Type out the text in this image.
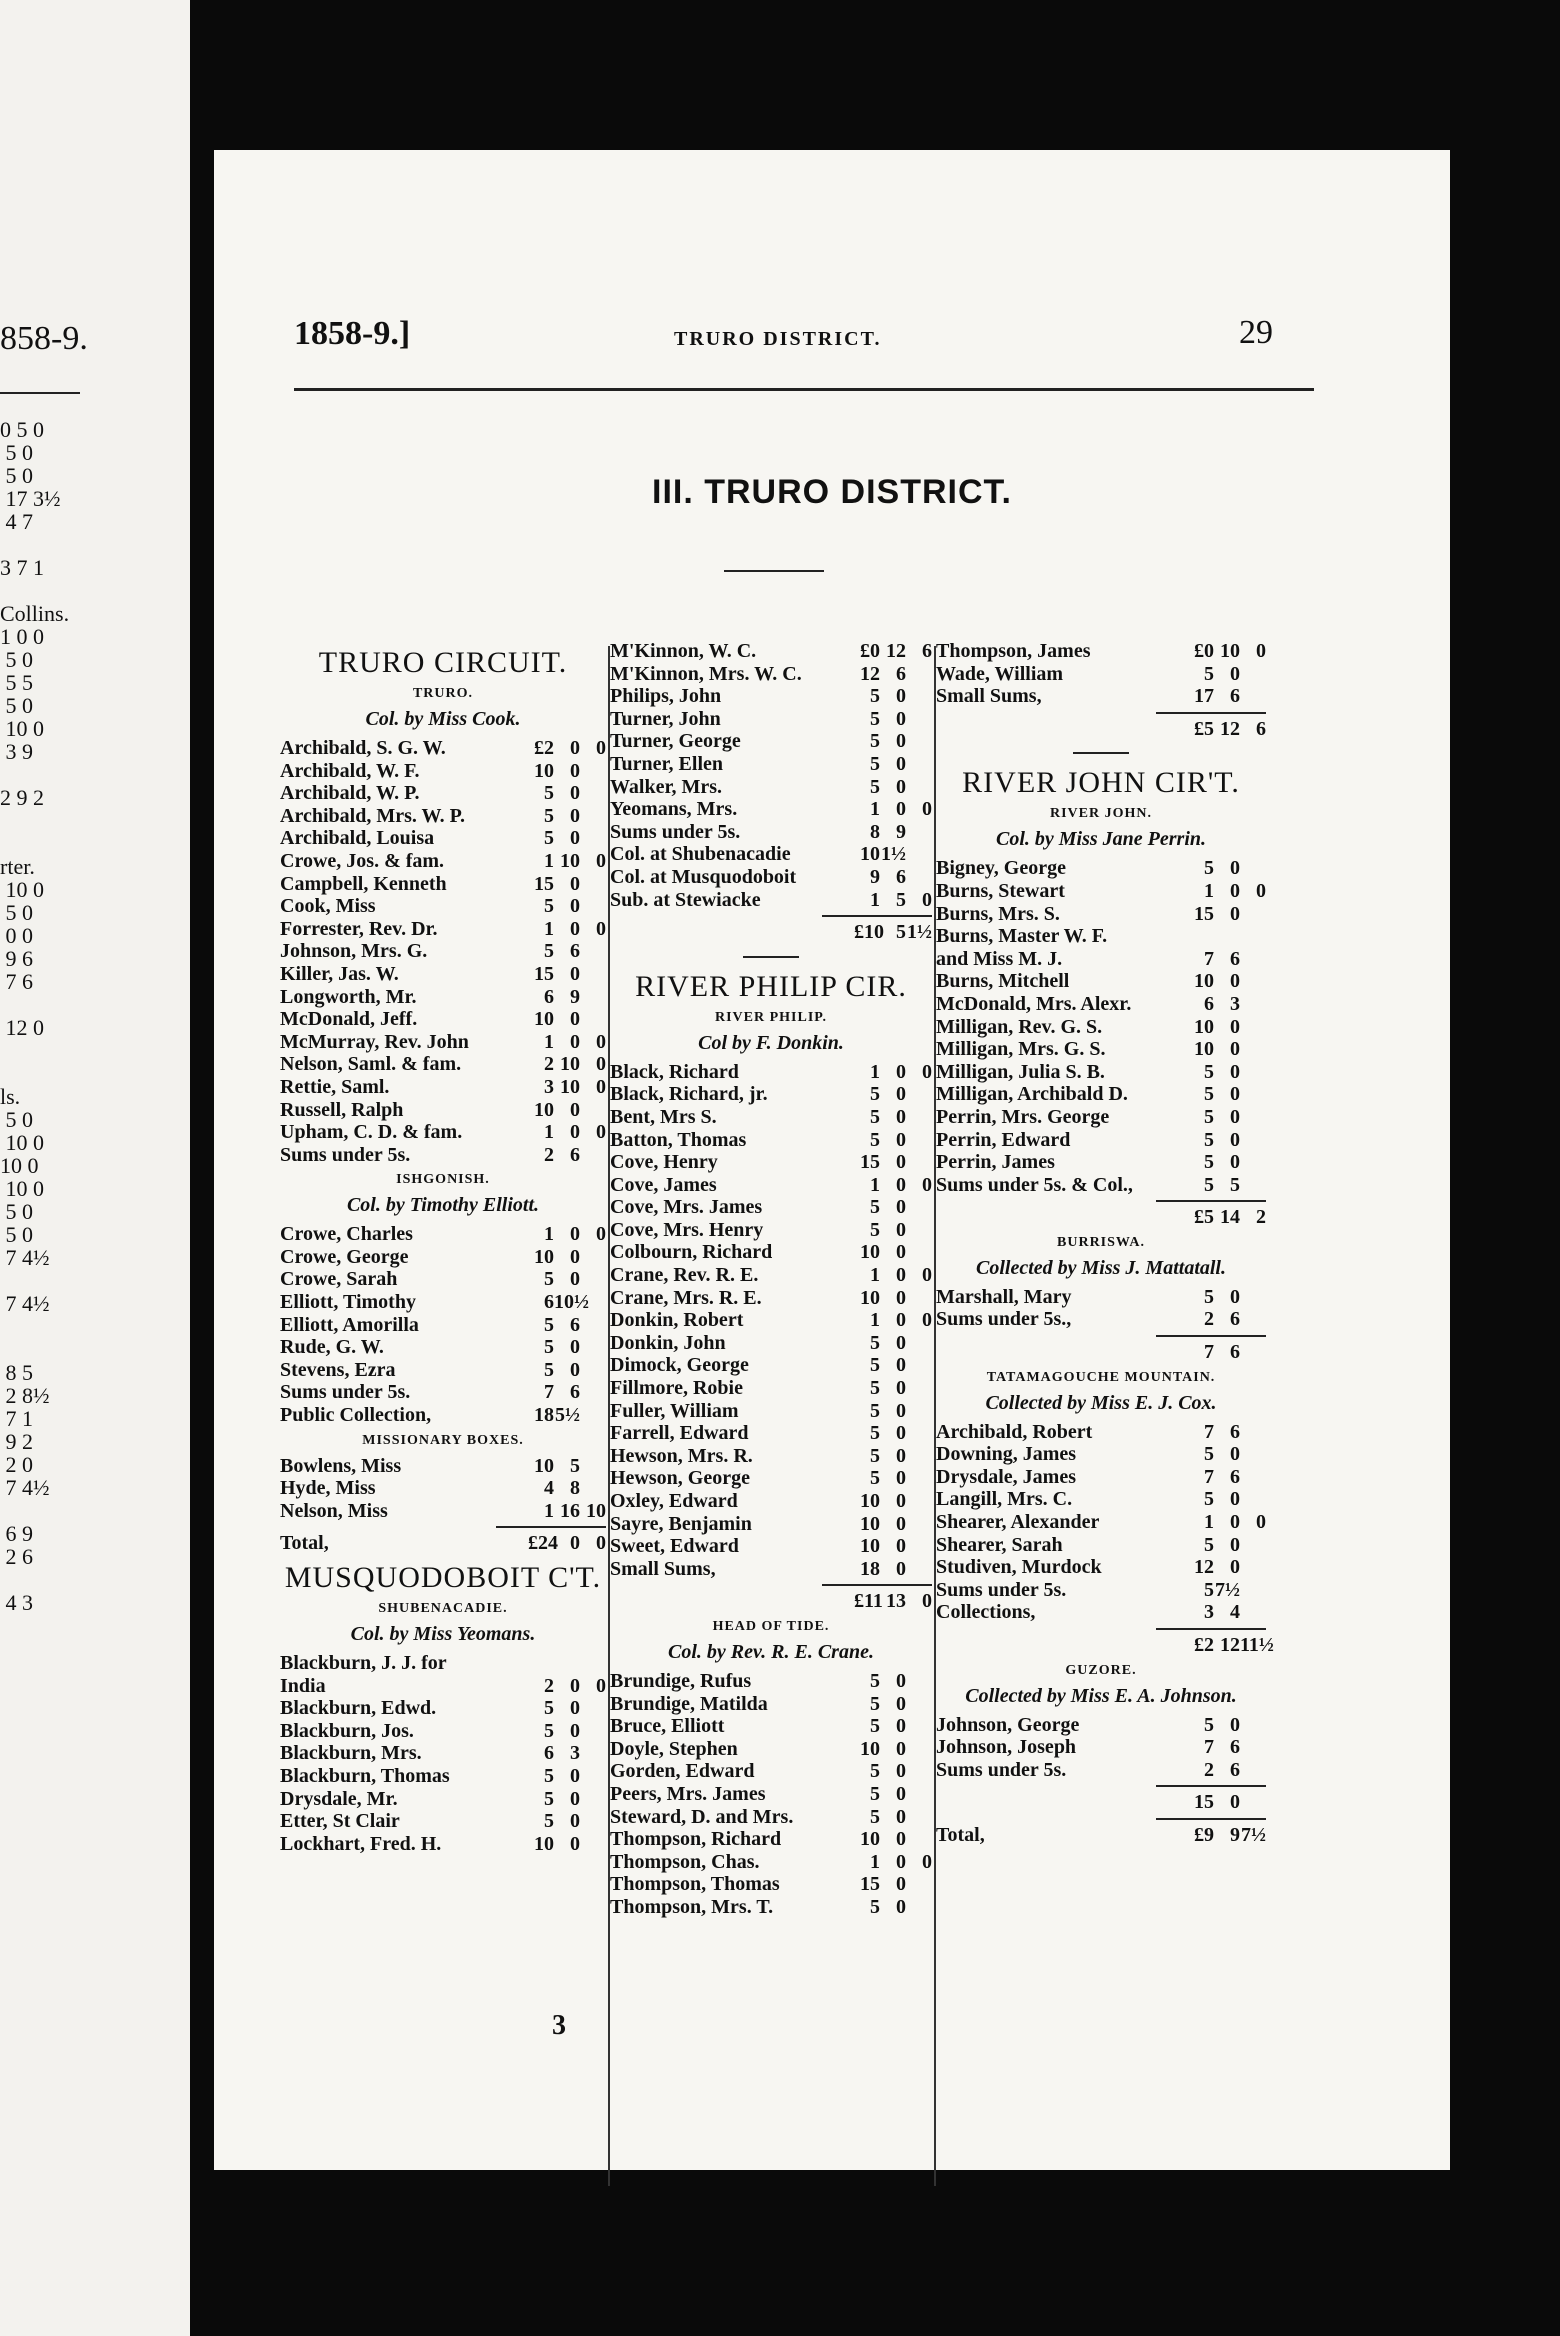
858-9.
0 5 0
5 0
5 0
17 3½
4 7
3 7 1
Collins.
1 0 0
5 0
5 5
5 0
10 0
3 9
2 9 2
rter.
10 0
5 0
0 0
9 6
7 6
12 0
ls.
5 0
10 0
10 0
10 0
5 0
5 0
7 4½
7 4½
8 5
2 8½
7 1
9 2
2 0
7 4½
6 9
2 6
4 3
1858-9.]	TRURO DISTRICT.	29
III. TRURO DISTRICT.
TRURO CIRCUIT.
TRURO.
Col. by Miss Cook.
Archibald, S. G. W.	£2 0 0
Archibald, W. F.	10 0
Archibald, W. P.	5 0
Archibald, Mrs. W. P.	5 0
Archibald, Louisa	5 0
Crowe, Jos. & fam.	1 10 0
Campbell, Kenneth	15 0
Cook, Miss	5 0
Forrester, Rev. Dr.	1 0 0
Johnson, Mrs. G.	5 6
Killer, Jas. W.	15 0
Longworth, Mr.	6 9
McDonald, Jeff.	10 0
McMurray, Rev. John	1 0 0
Nelson, Saml. & fam.	2 10 0
Rettie, Saml.	3 10 0
Russell, Ralph	10 0
Upham, C. D. & fam.	1 0 0
Sums under 5s.	2 6
ISHGONISH.
Col. by Timothy Elliott.
Crowe, Charles	1 0 0
Crowe, George	10 0
Crowe, Sarah	5 0
Elliott, Timothy	6 10½
Elliott, Amorilla	5 6
Rude, G. W.	5 0
Stevens, Ezra	5 0
Sums under 5s.	7 6
Public Collection,	18 5½
MISSIONARY BOXES.
Bowlens, Miss	10 5
Hyde, Miss	4 8
Nelson, Miss	1 16 10
Total,	£24 0 0
MUSQUODOBOIT C'T.
SHUBENACADIE.
Col. by Miss Yeomans.
Blackburn, J. J. for
India	2 0 0
Blackburn, Edwd.	5 0
Blackburn, Jos.	5 0
Blackburn, Mrs.	6 3
Blackburn, Thomas	5 0
Drysdale, Mr.	5 0
Etter, St Clair	5 0
Lockhart, Fred. H.	10 0
M'Kinnon, W. C.	£0 12 6
M'Kinnon, Mrs. W. C.	12 6
Philips, John	5 0
Turner, John	5 0
Turner, George	5 0
Turner, Ellen	5 0
Walker, Mrs.	5 0
Yeomans, Mrs.	1 0 0
Sums under 5s.	8 9
Col. at Shubenacadie	10 1½
Col. at Musquodoboit	9 6
Sub. at Stewiacke	1 5 0
£10 5 1½
RIVER PHILIP CIR.
RIVER PHILIP.
Col by F. Donkin.
Black, Richard	1 0 0
Black, Richard, jr.	5 0
Bent, Mrs S.	5 0
Batton, Thomas	5 0
Cove, Henry	15 0
Cove, James	1 0 0
Cove, Mrs. James	5 0
Cove, Mrs. Henry	5 0
Colbourn, Richard	10 0
Crane, Rev. R. E.	1 0 0
Crane, Mrs. R. E.	10 0
Donkin, Robert	1 0 0
Donkin, John	5 0
Dimock, George	5 0
Fillmore, Robie	5 0
Fuller, William	5 0
Farrell, Edward	5 0
Hewson, Mrs. R.	5 0
Hewson, George	5 0
Oxley, Edward	10 0
Sayre, Benjamin	10 0
Sweet, Edward	10 0
Small Sums,	18 0
£11 13 0
HEAD OF TIDE.
Col. by Rev. R. E. Crane.
Brundige, Rufus	5 0
Brundige, Matilda	5 0
Bruce, Elliott	5 0
Doyle, Stephen	10 0
Gorden, Edward	5 0
Peers, Mrs. James	5 0
Steward, D. and Mrs.	5 0
Thompson, Richard	10 0
Thompson, Chas.	1 0 0
Thompson, Thomas	15 0
Thompson, Mrs. T.	5 0
Thompson, James	£0 10 0
Wade, William	5 0
Small Sums,	17 6
£5 12 6
RIVER JOHN CIR'T.
RIVER JOHN.
Col. by Miss Jane Perrin.
Bigney, George	5 0
Burns, Stewart	1 0 0
Burns, Mrs. S.	15 0
Burns, Master W. F.
and Miss M. J.	7 6
Burns, Mitchell	10 0
McDonald, Mrs. Alexr.	6 3
Milligan, Rev. G. S.	10 0
Milligan, Mrs. G. S.	10 0
Milligan, Julia S. B.	5 0
Milligan, Archibald D.	5 0
Perrin, Mrs. George	5 0
Perrin, Edward	5 0
Perrin, James	5 0
Sums under 5s. & Col.,	5 5
£5 14 2
BURRISWA.
Collected by Miss J. Mattatall.
Marshall, Mary	5 0
Sums under 5s.,	2 6
7 6
TATAMAGOUCHE MOUNTAIN.
Collected by Miss E. J. Cox.
Archibald, Robert	7 6
Downing, James	5 0
Drysdale, James	7 6
Langill, Mrs. C.	5 0
Shearer, Alexander	1 0 0
Shearer, Sarah	5 0
Studiven, Murdock	12 0
Sums under 5s.	5 7½
Collections,	3 4
£2 12 11½
GUZORE.
Collected by Miss E. A. Johnson.
Johnson, George	5 0
Johnson, Joseph	7 6
Sums under 5s.	2 6
15 0
Total,	£9 9 7½
3
